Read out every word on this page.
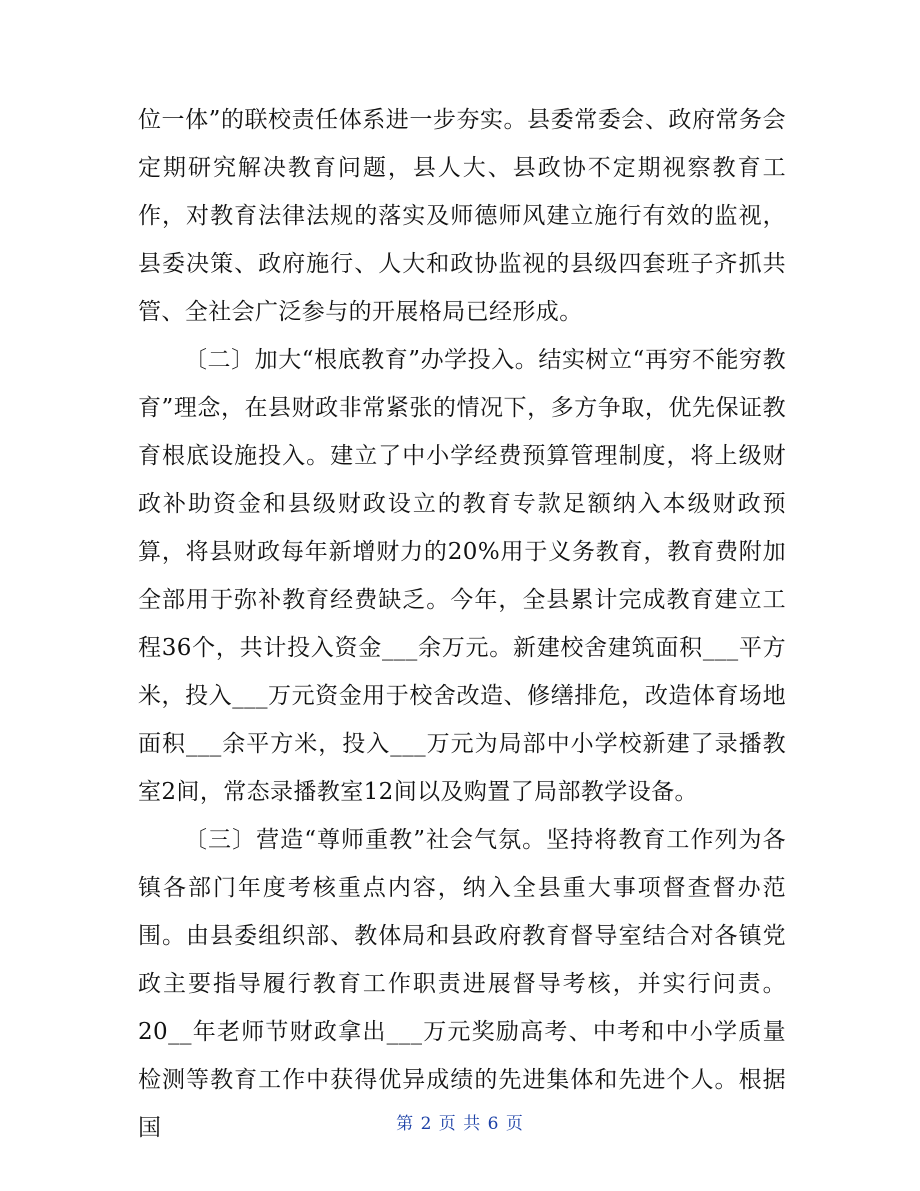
位一体”的联校责任体系进一步夯实。县委常委会、政府常务会定期研究解决教育问题，县人大、县政协不定期视察教育工作，对教育法律法规的落实及师德师风建立施行有效的监视，县委决策、政府施行、人大和政协监视的县级四套班子齐抓共管、全社会广泛参与的开展格局已经形成。

〔二〕加大“根底教育”办学投入。结实树立“再穷不能穷教育”理念，在县财政非常紧张的情况下，多方争取，优先保证教育根底设施投入。建立了中小学经费预算管理制度，将上级财政补助资金和县级财政设立的教育专款足额纳入本级财政预算，将县财政每年新增财力的20%用于义务教育，教育费附加全部用于弥补教育经费缺乏。今年，全县累计完成教育建立工程36个，共计投入资金___余万元。新建校舍建筑面积___平方米，投入___万元资金用于校舍改造、修缮排危，改造体育场地面积___余平方米，投入___万元为局部中小学校新建了录播教室2间，常态录播教室12间以及购置了局部教学设备。

〔三〕营造“尊师重教”社会气氛。坚持将教育工作列为各镇各部门年度考核重点内容，纳入全县重大事项督查督办范围。由县委组织部、教体局和县政府教育督导室结合对各镇党政主要指导履行教育工作职责进展督导考核，并实行问责。20__年老师节财政拿出___万元奖励高考、中考和中小学质量检测等教育工作中获得优异成绩的先进集体和先进个人。根据国	第 2 页 共 6 页
